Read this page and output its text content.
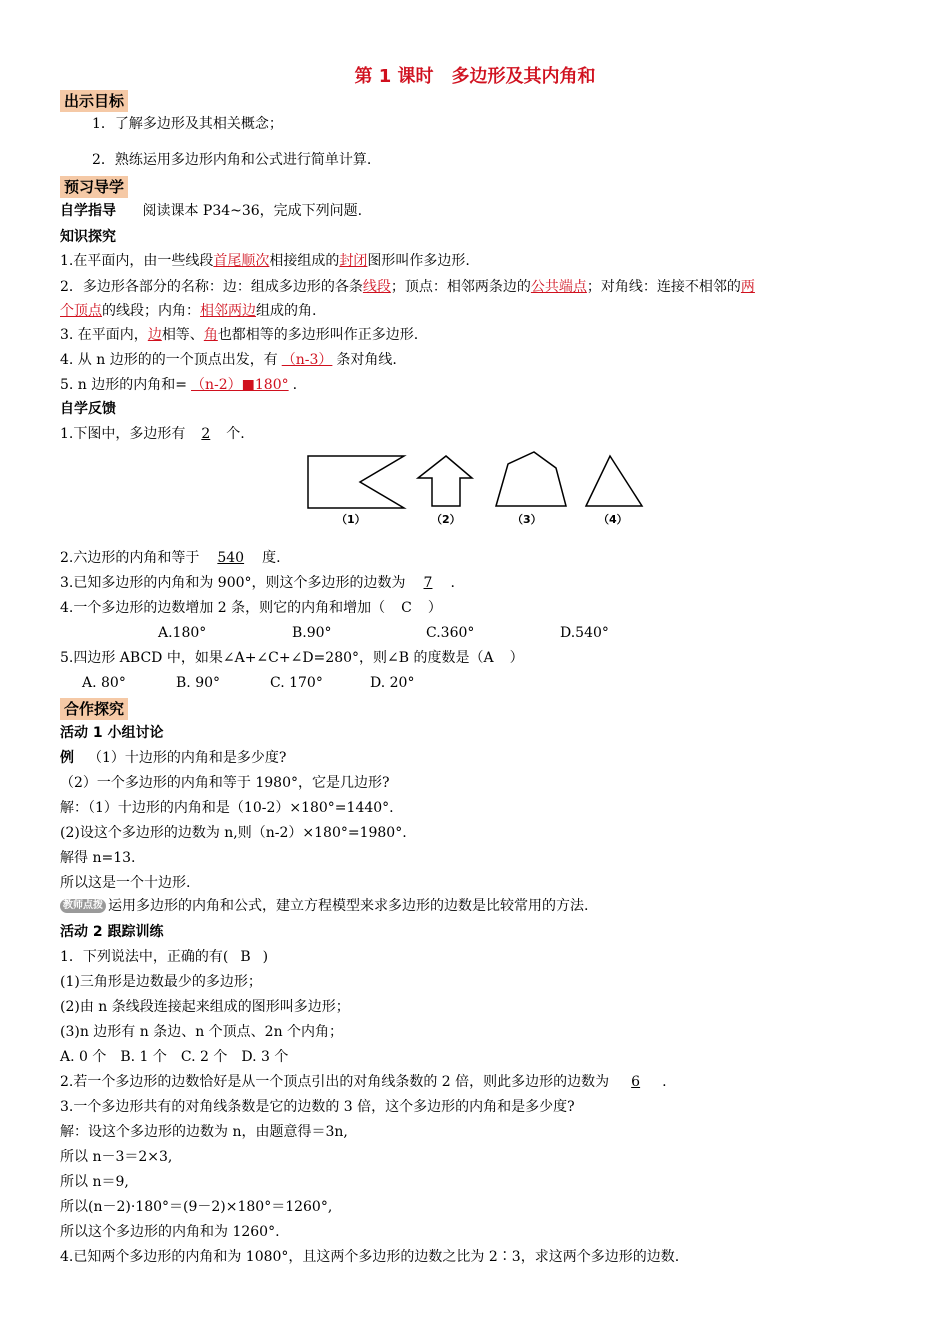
第 1 课时　多边形及其内角和
出示目标
1．了解多边形及其相关概念；
2．熟练运用多边形内角和公式进行简单计算.
预习导学
自学指导 阅读课本 P34~36，完成下列问题.
知识探究
1.在平面内，由一些线段首尾顺次相接组成的封闭图形叫作多边形.
2．多边形各部分的名称：边：组成多边形的各条线段；顶点：相邻两条边的公共端点；对角线：连接不相邻的两
个顶点的线段；内角：相邻两边组成的角.
3. 在平面内，边相等、角也都相等的多边形叫作正多边形.
4. 从 n 边形的的一个顶点出发，有 （n-3） 条对角线.
5. n 边形的内角和= （n-2）■180° .
自学反馈
1.下图中，多边形有 2 个.
（1）	（2）	（3）	（4）
2.六边形的内角和等于 540 度.
3.已知多边形的内角和为 900°，则这个多边形的边数为 7 .
4.一个多边形的边数增加 2 条，则它的内角和增加（ C ）
A.180°	B.90°	C.360°	D.540°
5.四边形 ABCD 中，如果∠A+∠C+∠D=280°，则∠B 的度数是（A ）
A. 80°	B. 90°	C. 170°	D. 20°
合作探究
活动 1 小组讨论
例 （1）十边形的内角和是多少度?
（2）一个多边形的内角和等于 1980°，它是几边形?
解：（1）十边形的内角和是（10-2）×180°=1440°.
(2)设这个多边形的边数为 n,则（n-2）×180°=1980°.
解得 n=13.
所以这是一个十边形.
教师点拨 运用多边形的内角和公式，建立方程模型来求多边形的边数是比较常用的方法.
活动 2 跟踪训练
1．下列说法中，正确的有( B )
(1)三角形是边数最少的多边形；
(2)由 n 条线段连接起来组成的图形叫多边形；
(3)n 边形有 n 条边、n 个顶点、2n 个内角；
A. 0 个　B. 1 个　C. 2 个　D. 3 个
2.若一个多边形的边数恰好是从一个顶点引出的对角线条数的 2 倍，则此多边形的边数为 6 .
3.一个多边形共有的对角线条数是它的边数的 3 倍，这个多边形的内角和是多少度?
解：设这个多边形的边数为 n，由题意得＝3n,
所以 n－3＝2×3,
所以 n＝9,
所以(n－2)·180°＝(9－2)×180°＝1260°,
所以这个多边形的内角和为 1260°.
4.已知两个多边形的内角和为 1080°，且这两个多边形的边数之比为 2∶3，求这两个多边形的边数.
